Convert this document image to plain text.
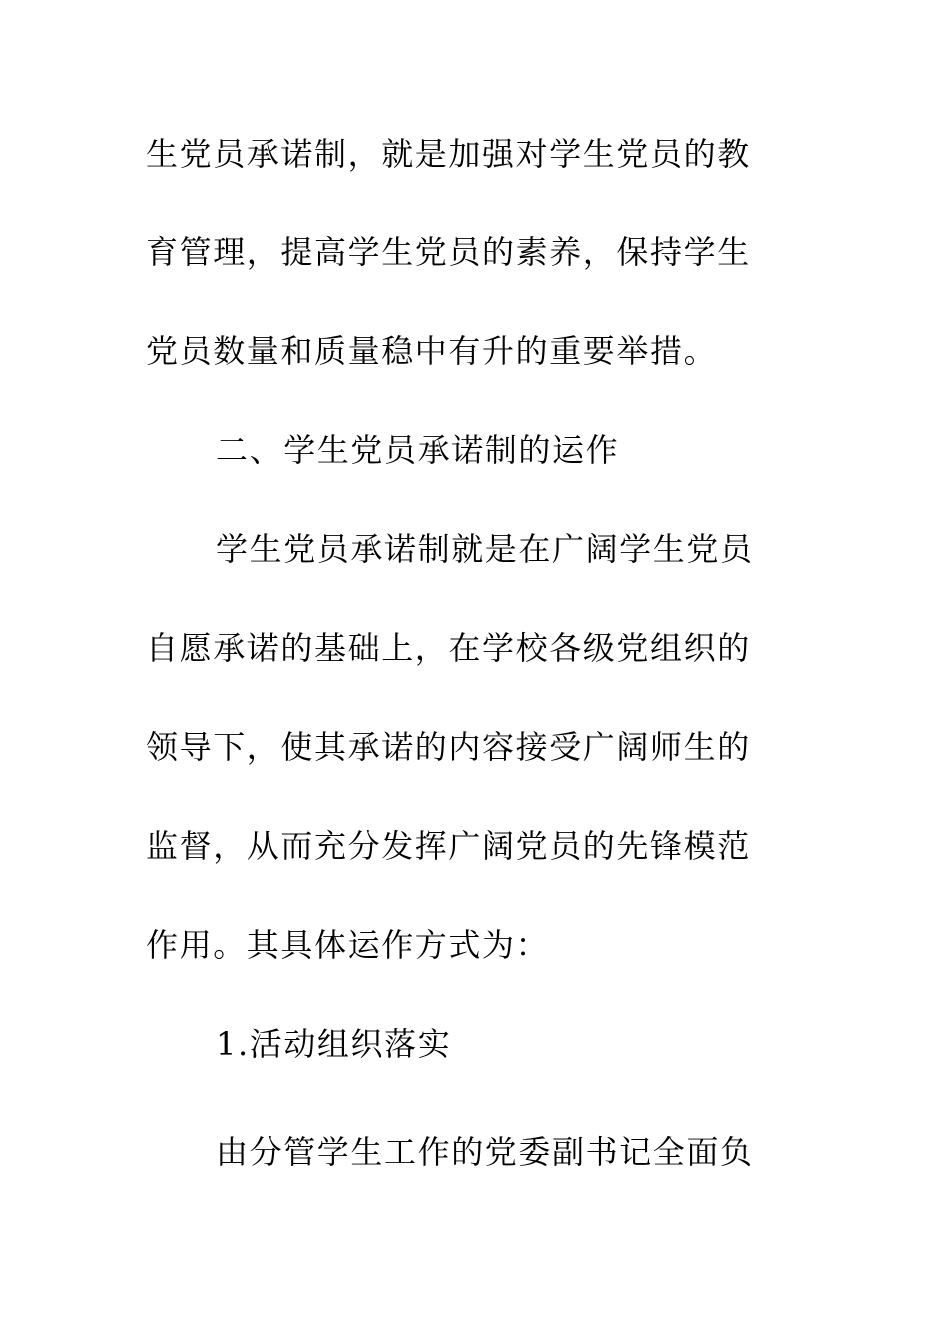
生党员承诺制，就是加强对学生党员的教
育管理，提高学生党员的素养，保持学生
党员数量和质量稳中有升的重要举措。
二、学生党员承诺制的运作
学生党员承诺制就是在广阔学生党员
自愿承诺的基础上，在学校各级党组织的
领导下，使其承诺的内容接受广阔师生的
监督，从而充分发挥广阔党员的先锋模范
作用。其具体运作方式为：
1.活动组织落实
由分管学生工作的党委副书记全面负
